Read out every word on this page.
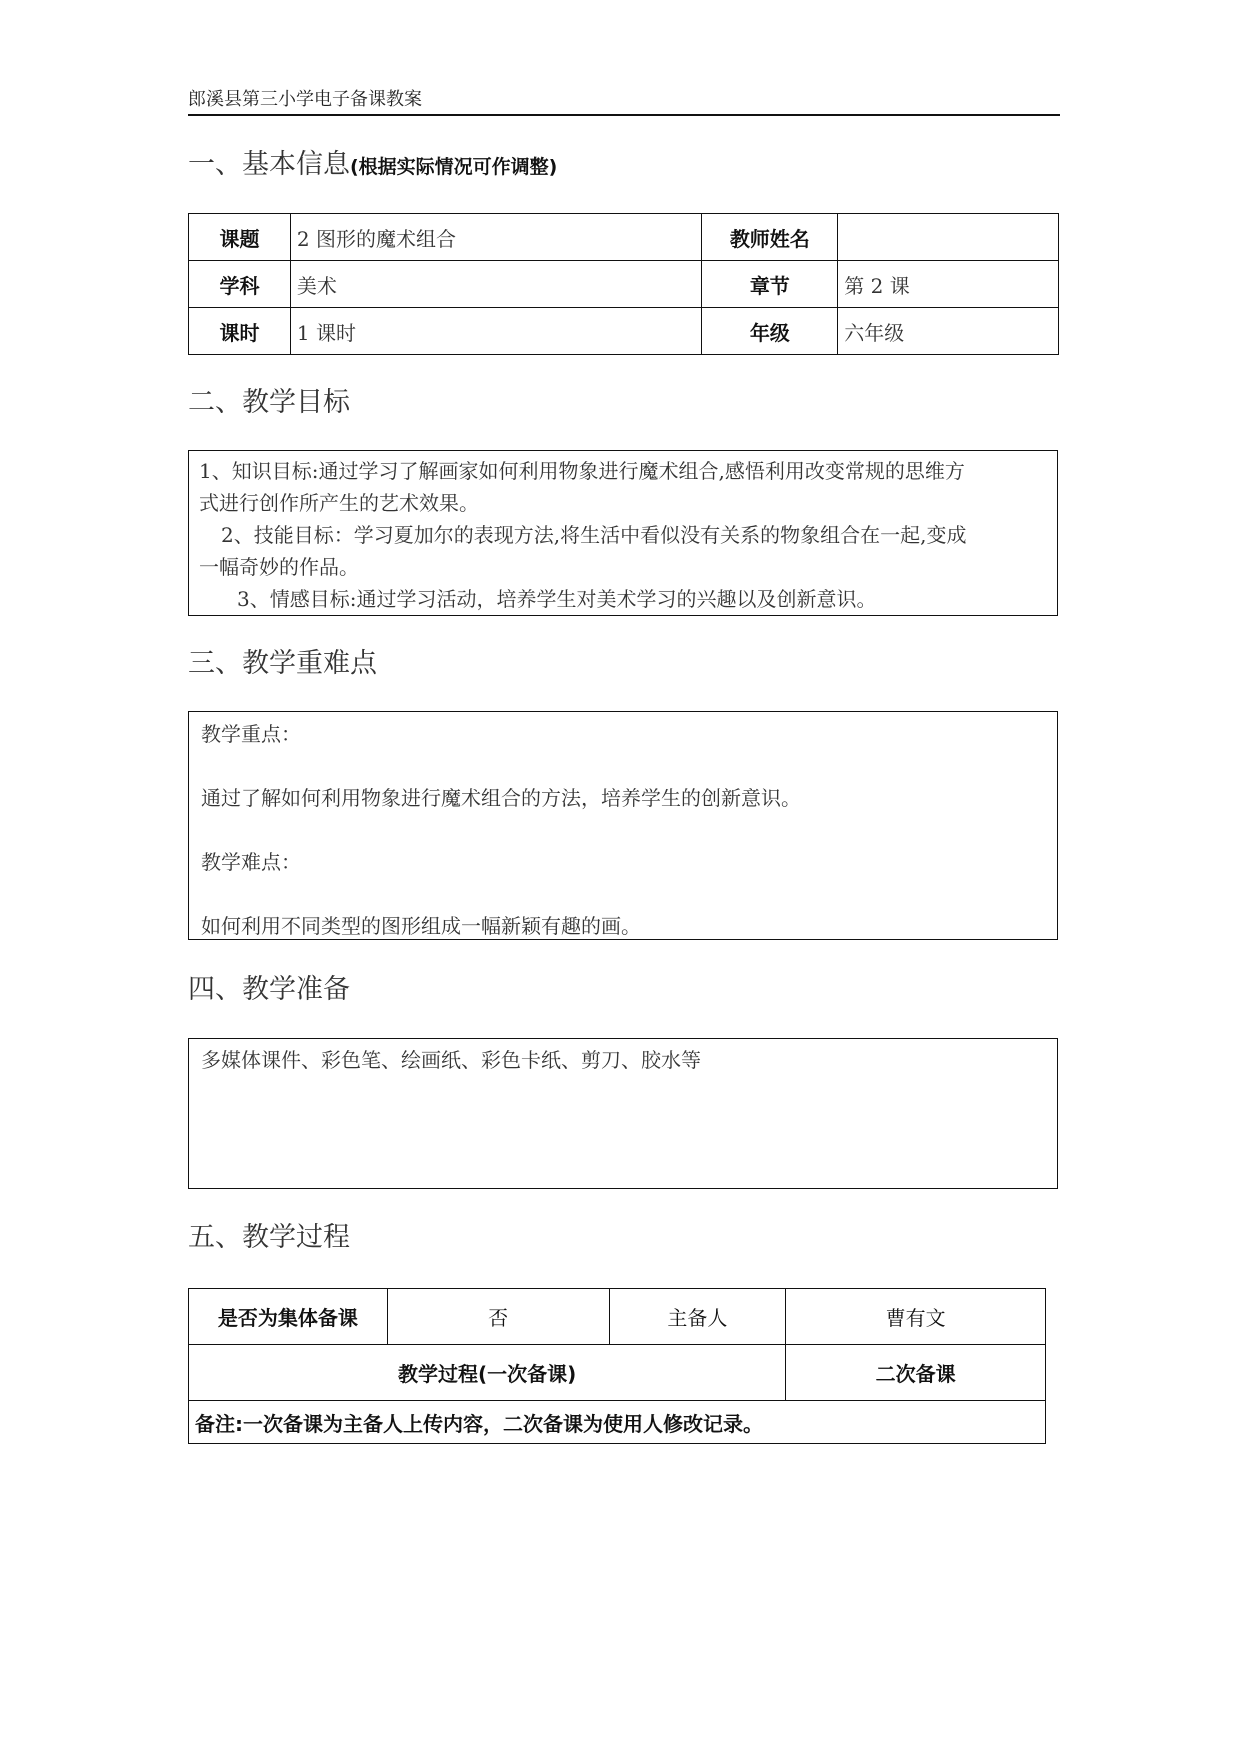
郎溪县第三小学电子备课教案
一、基本信息(根据实际情况可作调整)
课题	2 图形的魔术组合	教师姓名	
学科	美术	章节	第 2 课
课时	1 课时	年级	六年级
二、教学目标

1、知识目标:通过学习了解画家如何利用物象进行魔术组合,感悟利用改变常规的思维方

式进行创作所产生的艺术效果。

2、技能目标：学习夏加尔的表现方法,将生活中看似没有关系的物象组合在一起,变成

一幅奇妙的作品。

3、情感目标:通过学习活动，培养学生对美术学习的兴趣以及创新意识。

三、教学重难点

教学重点：

通过了解如何利用物象进行魔术组合的方法，培养学生的创新意识。

教学难点：

如何利用不同类型的图形组成一幅新颖有趣的画。

四、教学准备

多媒体课件、彩色笔、绘画纸、彩色卡纸、剪刀、胶水等

五、教学过程
是否为集体备课	否	主备人	曹有文
教学过程(一次备课)			二次备课
备注:一次备课为主备人上传内容，二次备课为使用人修改记录。			
